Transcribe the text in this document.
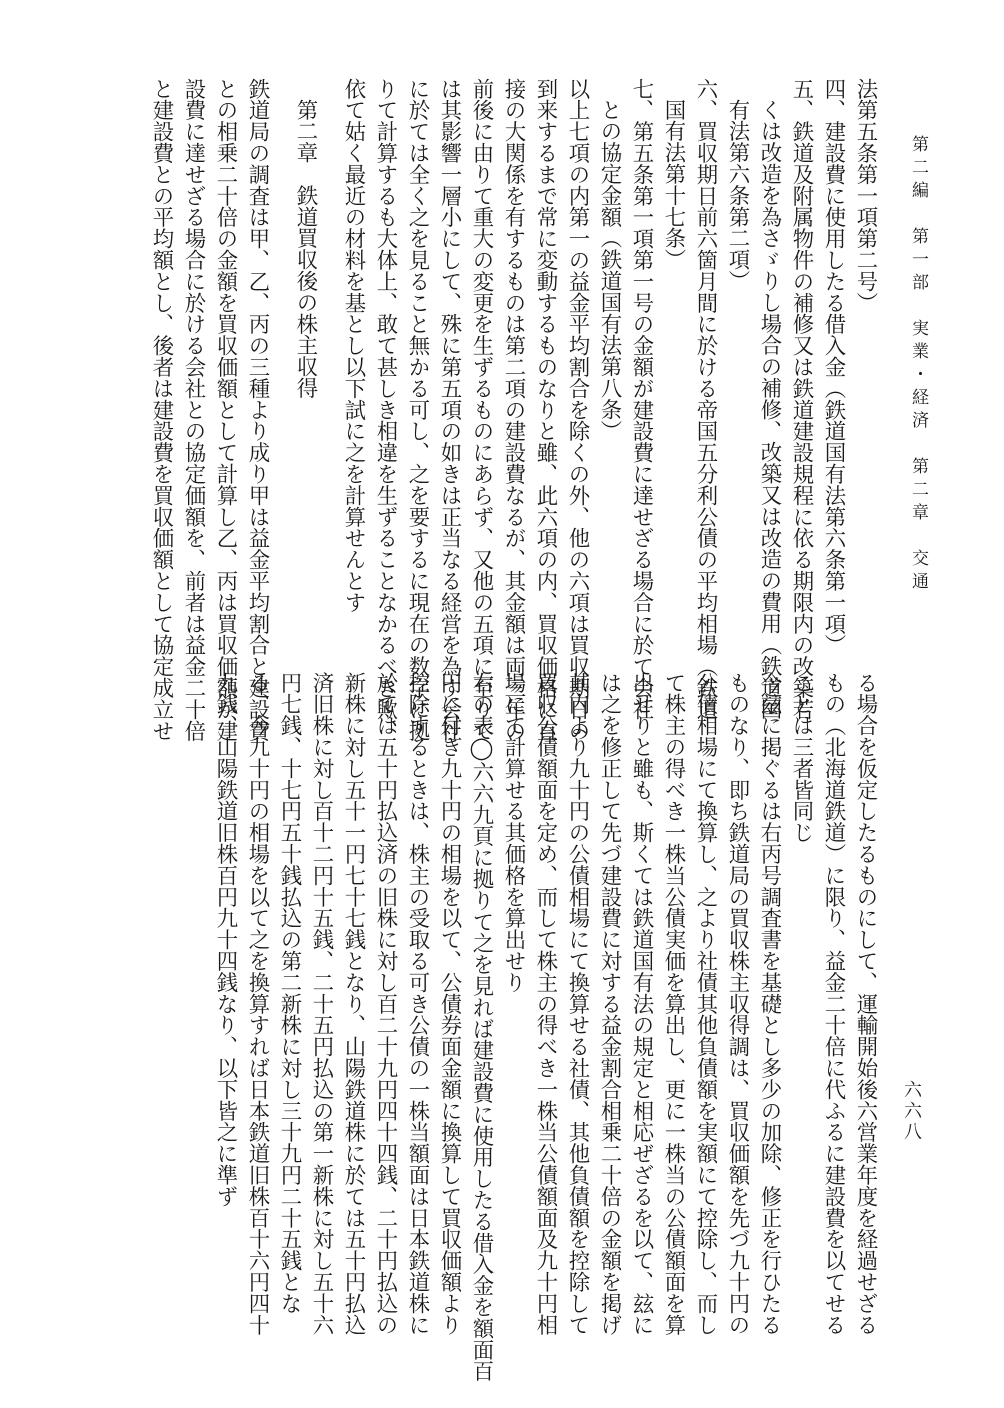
第二編　第一部　実業・経済　第二章　交通
六六八
法第五条第一項第二号）
四、建設費に使用したる借入金（鉄道国有法第六条第一項）
五、鉄道及附属物件の補修又は鉄道建設規程に依る期限内の改築若
くは改造を為さゞりし場合の補修、改築又は改造の費用（鉄道国
有法第六条第二項）
六、買収期日前六箇月間に於ける帝国五分利公債の平均相場（鉄道
国有法第十七条）
七、第五条第一項第一号の金額が建設費に達せざる場合に於て会社
との協定金額（鉄道国有法第八条）
以上七項の内第一の益金平均割合を除くの外、他の六項は買収期日の
到来するまで常に変動するものなりと雖、此六項の内、買収価格に直
接の大関係を有するものは第二項の建設費なるが、其金額は両三年の
前後に由りて重大の変更を生ずるものにあらず、又他の五項に至りて
は其影響一層小にして、殊に第五項の如きは正当なる経営を為す会社
に於ては全く之を見ること無かる可し、之を要するに現在の数字に拠
りて計算するも大体上、敢て甚しき相違を生ずることなかるべき歟、
依て姑く最近の材料を基とし以下試に之を計算せんとす
第二章　鉄道買収後の株主収得
鉄道局の調査は甲、乙、丙の三種より成り甲は益金平均割合と建設費
との相乗二十倍の金額を買収価額として計算し乙、丙は買収価額が建
設費に達せざる場合に於ける会社との協定価額を、前者は益金二十倍
と建設費との平均額とし、後者は建設費を買収価額として協定成立せ
る場合を仮定したるものにして、運輸開始後六営業年度を経過せざる
もの（北海道鉄道）に限り、益金二十倍に代ふるに建設費を以てせる
ことは三者皆同じ
今玆に掲ぐるは右丙号調査書を基礎とし多少の加除、修正を行ひたる
ものなり、即ち鉄道局の買収株主収得調は、買収価額を先づ九十円の
公債相場にて換算し、之より社債其他負債額を実額にて控除し、而し
て株主の得べき一株当公債実価を算出し、更に一株当の公債額面を算
出せりと雖も、斯くては鉄道国有法の規定と相応ぜざるを以て、玆に
は之を修正して先づ建設費に対する益金割合相乗二十倍の金額を掲げ
其内より九十円の公債相場にて換算せる社債、其他負債額を控除して
買収公債額面を定め、而して株主の得べき一株当公債額面及九十円相
場にて計算せる其価格を算出せり
右の表◯六六九頁に拠りて之を見れば建設費に使用したる借入金を額面百
円に付き九十円の相場を以て、公債券面金額に換算して買収価額より
控除するときは、株主の受取る可き公債の一株当額面は日本鉄道株に
於ては五十円払込済の旧株に対し百二十九円四十四銭、二十円払込の
新株に対し五十一円七十七銭となり、山陽鉄道株に於ては五十円払込
済旧株に対し百十二円十五銭、二十五円払込の第一新株に対し五十六
円七銭、十七円五十銭払込の第二新株に対し三十九円二十五銭とな
る、今九十円の相場を以て之を換算すれば日本鉄道旧株百十六円四十
九銭、山陽鉄道旧株百円九十四銭なり、以下皆之に準ず
